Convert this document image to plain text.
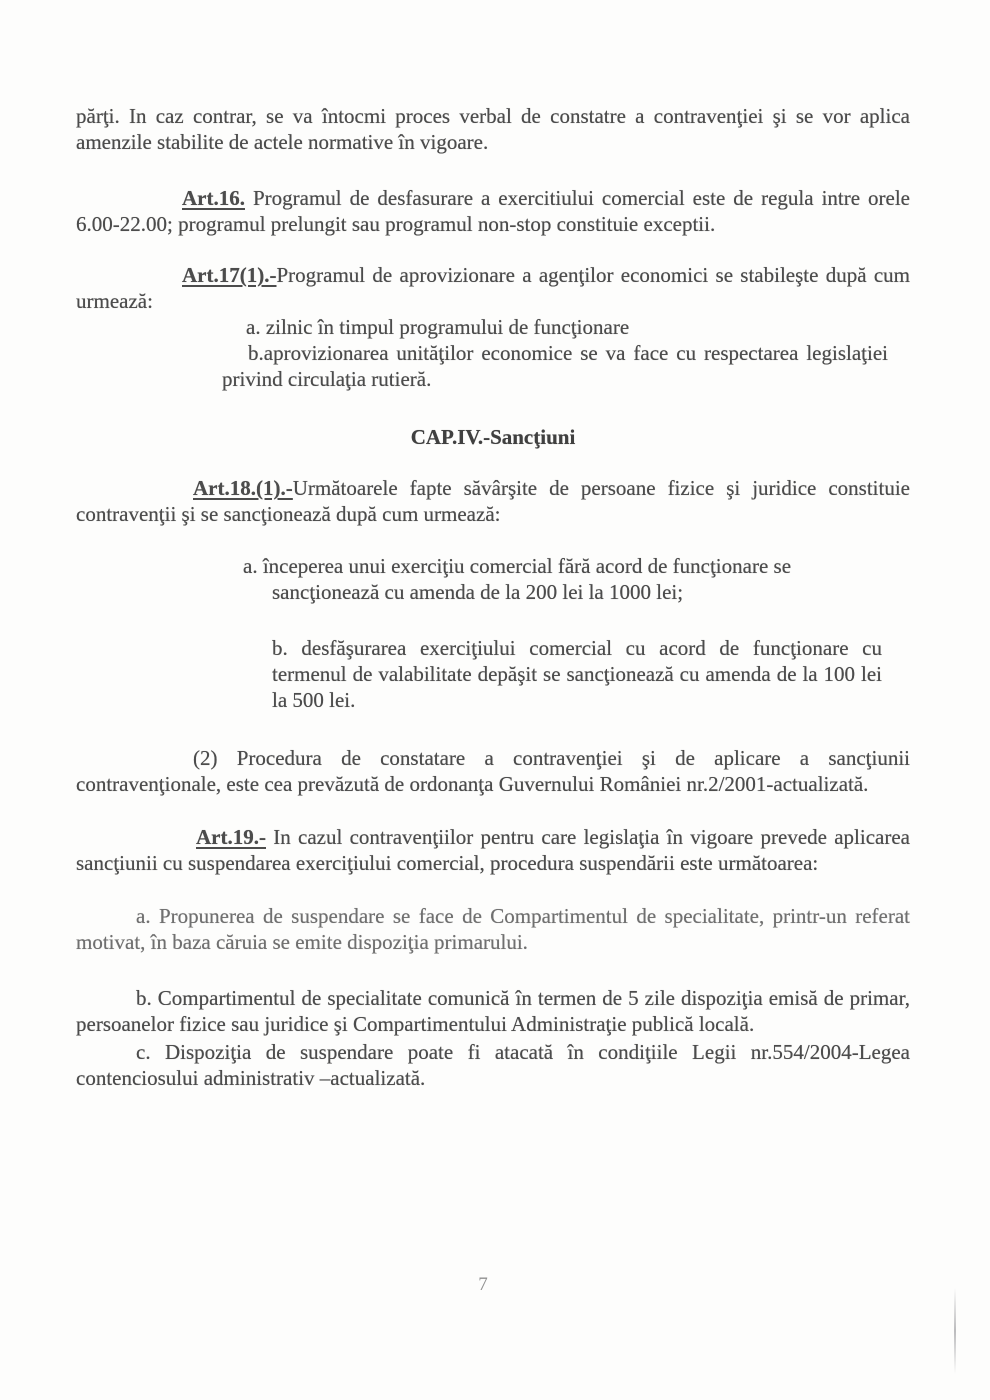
părţi. In caz contrar, se va întocmi proces verbal de constatre a contravenţiei şi se vor aplica amenzile stabilite de actele normative în vigoare.

Art.16. Programul de desfasurare a exercitiului comercial este de regula intre orele 6.00-22.00; programul prelungit sau programul non-stop constituie exceptii.

Art.17(1).-Programul de aprovizionare a agenţilor economici se stabileşte după cum urmează:

a. zilnic în timpul programului de funcţionare

b.aprovizionarea unităţilor economice se va face cu respectarea legislaţiei privind circulaţia rutieră.

CAP.IV.-Sancţiuni

Art.18.(1).-Următoarele fapte săvârşite de persoane fizice şi juridice constituie contravenţii şi se sancţionează după cum urmează:

a. începerea unui exerciţiu comercial fără acord de funcţionare se sancţionează cu amenda de la 200 lei la 1000 lei;

b. desfăşurarea exerciţiului comercial cu acord de funcţionare cu termenul de valabilitate depăşit se sancţionează cu amenda de la 100 lei la 500 lei.

(2) Procedura de constatare a contravenţiei şi de aplicare a sancţiunii contravenţionale, este cea prevăzută de ordonanţa Guvernului României nr.2/2001-actualizată.

Art.19.- In cazul contravenţiilor pentru care legislaţia în vigoare prevede aplicarea sancţiunii cu suspendarea exerciţiului comercial, procedura suspendării este următoarea:

a. Propunerea de suspendare se face de Compartimentul de specialitate, printr-un referat motivat, în baza căruia se emite dispoziţia primarului.

b. Compartimentul de specialitate comunică în termen de 5 zile dispoziţia emisă de primar, persoanelor fizice sau juridice şi Compartimentului Administraţie publică locală.

c. Dispoziţia de suspendare poate fi atacată în condiţiile Legii nr.554/2004-Legea contenciosului administrativ –actualizată.

7
